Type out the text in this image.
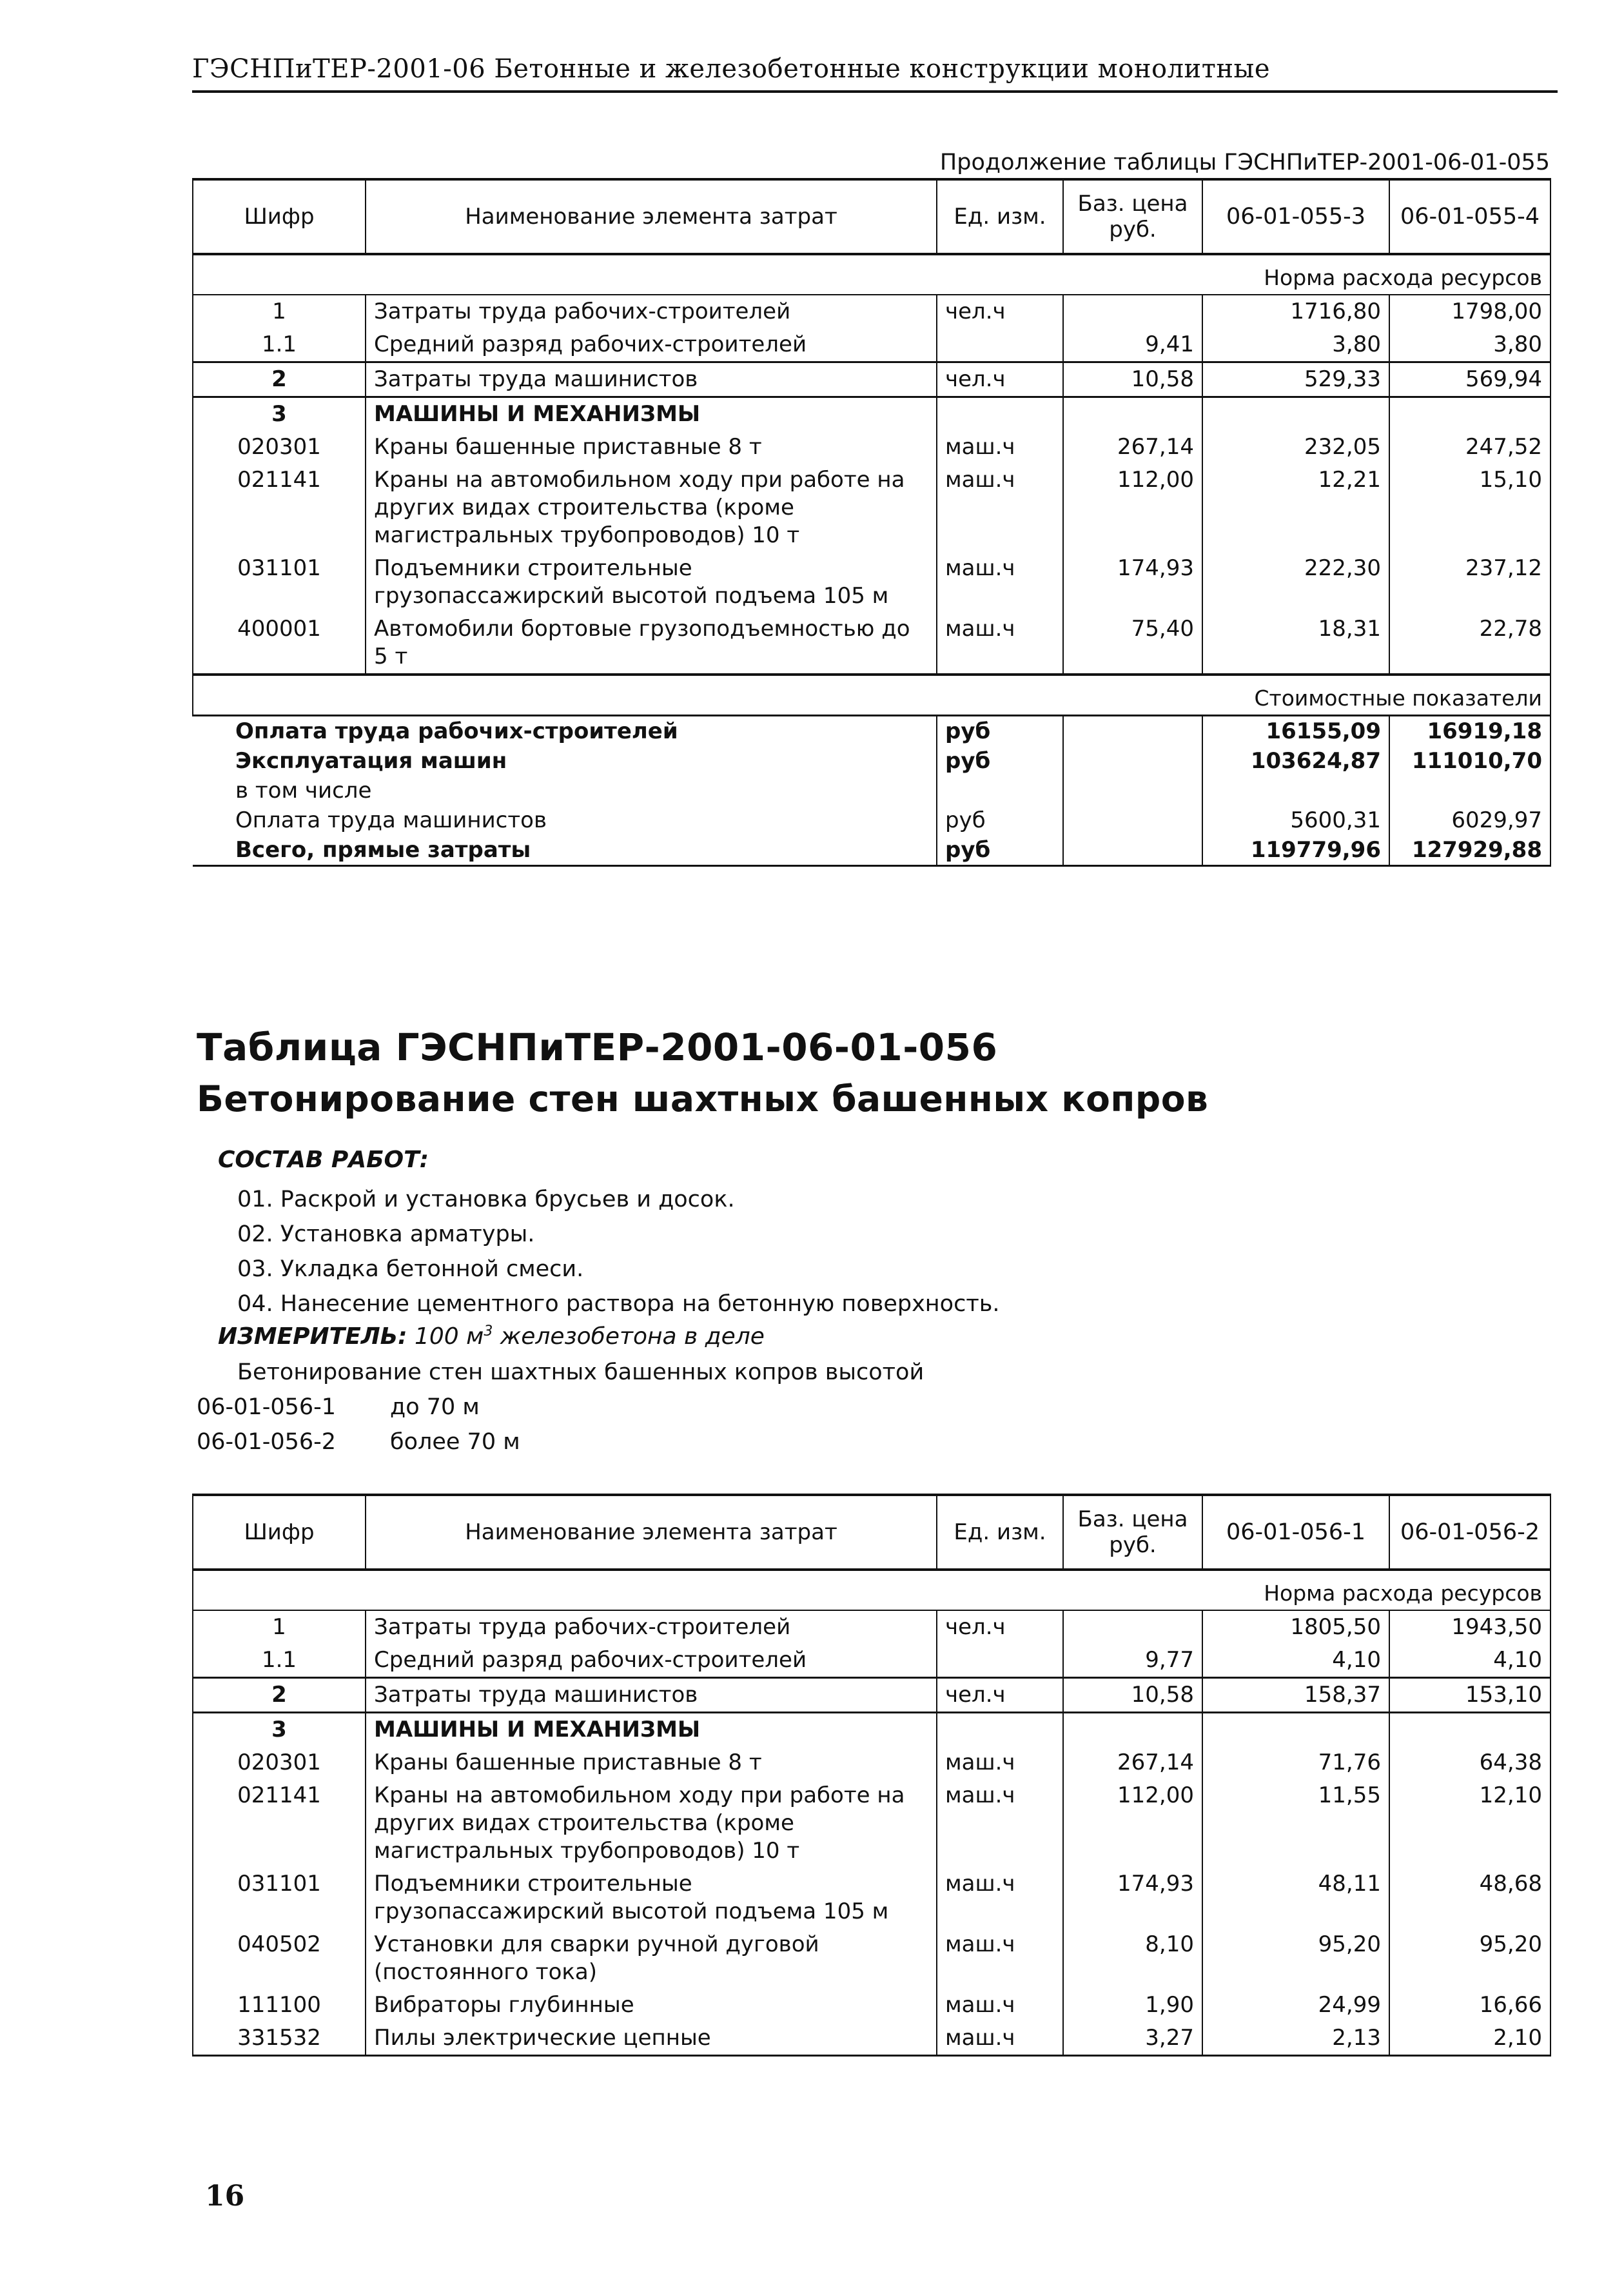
ГЭСНПиТЕР-2001-06 Бетонные и железобетонные конструкции монолитные
Продолжение таблицы ГЭСНПиТЕР-2001-06-01-055
Шифр	Наименование элемента затрат	Ед. изм.	Баз. цена руб.	06-01-055-3	06-01-055-4
Норма расхода ресурсов					
1	Затраты труда рабочих-строителей	чел.ч		1716,80	1798,00
1.1	Средний разряд рабочих-строителей		9,41	3,80	3,80
2	Затраты труда машинистов	чел.ч	10,58	529,33	569,94
3	МАШИНЫ И МЕХАНИЗМЫ				
020301	Краны башенные приставные 8 т	маш.ч	267,14	232,05	247,52
021141	Краны на автомобильном ходу при работе на других видах строительства (кроме магистральных трубопроводов) 10 т	маш.ч	112,00	12,21	15,10
031101	Подъемники строительные грузопассажирский высотой подъема 105 м	маш.ч	174,93	222,30	237,12
400001	Автомобили бортовые грузоподъемностью до 5 т	маш.ч	75,40	18,31	22,78
Стоимостные показатели					
Оплата труда рабочих-строителей		руб		16155,09	16919,18
Эксплуатация машин		руб		103624,87	111010,70
в том числе					
Оплата труда машинистов		руб		5600,31	6029,97
Всего, прямые затраты		руб		119779,96	127929,88
Таблица ГЭСНПиТЕР-2001-06-01-056
Бетонирование стен шахтных башенных копров
СОСТАВ РАБОТ:
01. Раскрой и установка брусьев и досок.
02. Установка арматуры.
03. Укладка бетонной смеси.
04. Нанесение цементного раствора на бетонную поверхность.
ИЗМЕРИТЕЛЬ: 100 $м^3$ железобетона в деле
Бетонирование стен шахтных башенных копров высотой
06-01-056-1 до 70 м
06-01-056-2 более 70 м
Шифр	Наименование элемента затрат	Ед. изм.	Баз. цена руб.	06-01-056-1	06-01-056-2
Норма расхода ресурсов					
1	Затраты труда рабочих-строителей	чел.ч		1805,50	1943,50
1.1	Средний разряд рабочих-строителей		9,77	4,10	4,10
2	Затраты труда машинистов	чел.ч	10,58	158,37	153,10
3	МАШИНЫ И МЕХАНИЗМЫ				
020301	Краны башенные приставные 8 т	маш.ч	267,14	71,76	64,38
021141	Краны на автомобильном ходу при работе на других видах строительства (кроме магистральных трубопроводов) 10 т	маш.ч	112,00	11,55	12,10
031101	Подъемники строительные грузопассажирский высотой подъема 105 м	маш.ч	174,93	48,11	48,68
040502	Установки для сварки ручной дуговой (постоянного тока)	маш.ч	8,10	95,20	95,20
111100	Вибраторы глубинные	маш.ч	1,90	24,99	16,66
331532	Пилы электрические цепные	маш.ч	3,27	2,13	2,10
16
